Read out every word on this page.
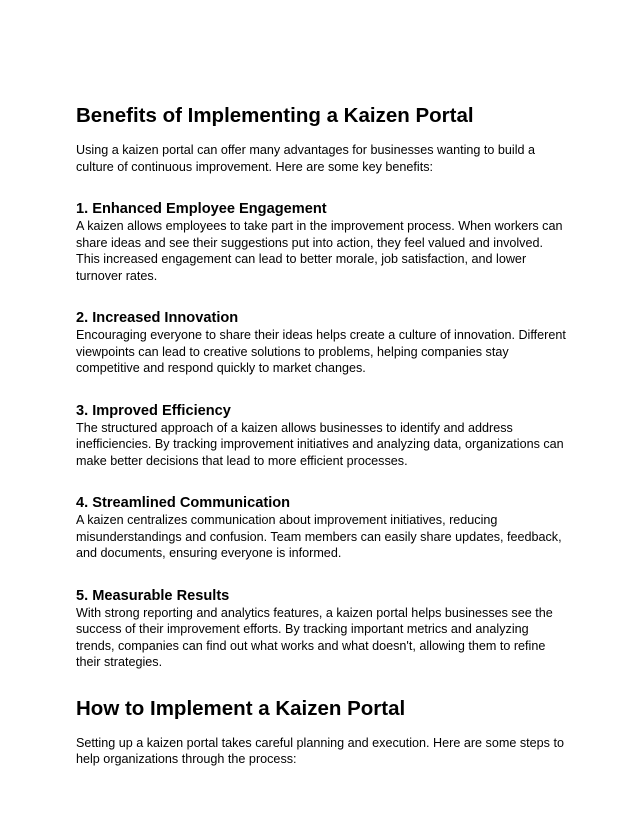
Benefits of Implementing a Kaizen Portal

Using a kaizen portal can offer many advantages for businesses wanting to build a culture of continuous improvement. Here are some key benefits:

1. Enhanced Employee Engagement

A kaizen allows employees to take part in the improvement process. When workers can share ideas and see their suggestions put into action, they feel valued and involved. This increased engagement can lead to better morale, job satisfaction, and lower turnover rates.

2. Increased Innovation

Encouraging everyone to share their ideas helps create a culture of innovation. Different viewpoints can lead to creative solutions to problems, helping companies stay competitive and respond quickly to market changes.

3. Improved Efficiency

The structured approach of a kaizen allows businesses to identify and address inefficiencies. By tracking improvement initiatives and analyzing data, organizations can make better decisions that lead to more efficient processes.

4. Streamlined Communication

A kaizen centralizes communication about improvement initiatives, reducing misunderstandings and confusion. Team members can easily share updates, feedback, and documents, ensuring everyone is informed.

5. Measurable Results

With strong reporting and analytics features, a kaizen portal helps businesses see the success of their improvement efforts. By tracking important metrics and analyzing trends, companies can find out what works and what doesn't, allowing them to refine their strategies.

How to Implement a Kaizen Portal

Setting up a kaizen portal takes careful planning and execution. Here are some steps to help organizations through the process:
